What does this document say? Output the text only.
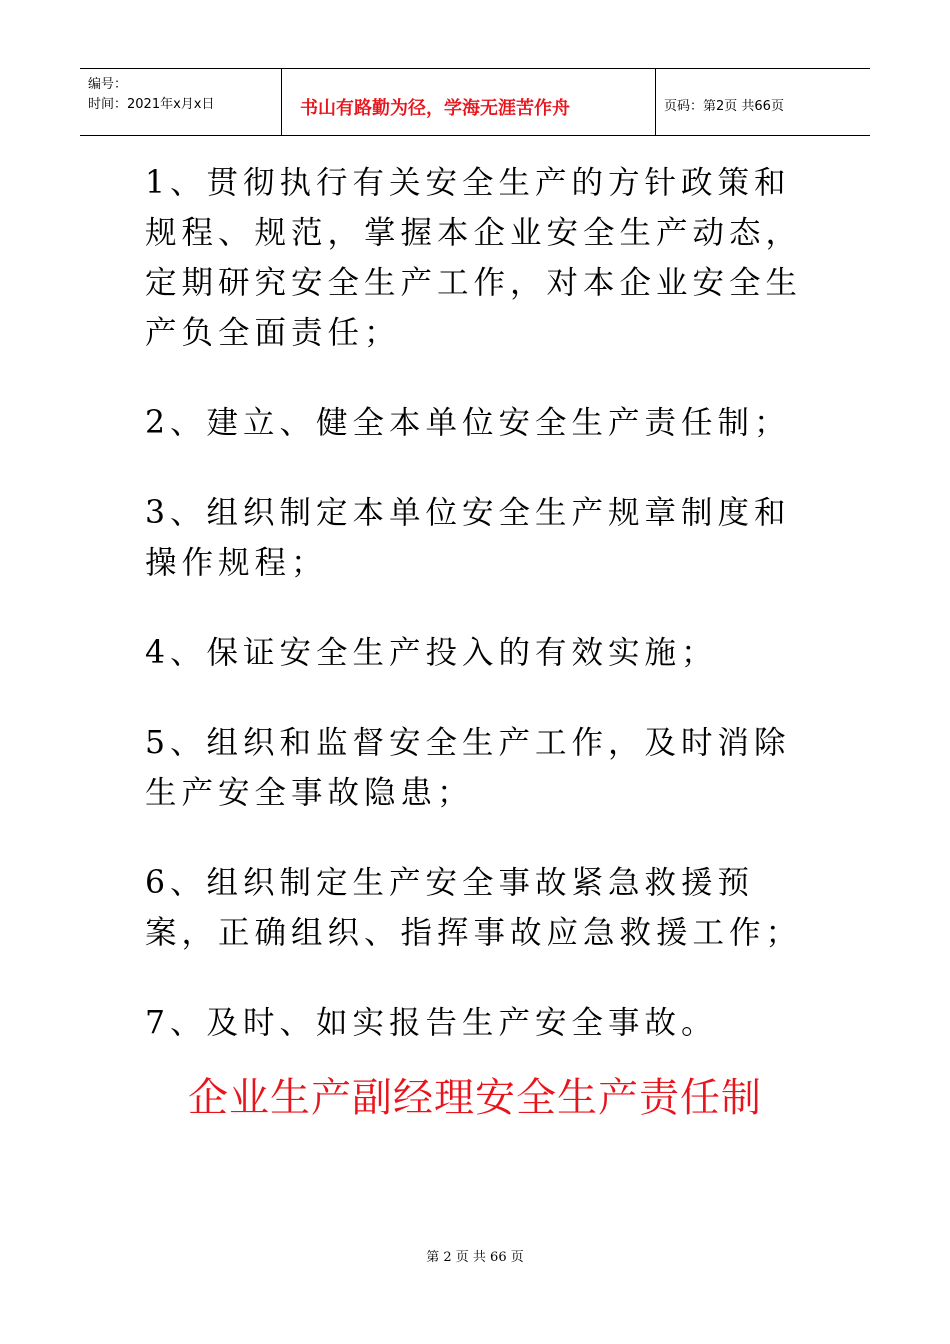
编号：
时间：2021年x月x日	书山有路勤为径，学海无涯苦作舟	页码：第2页 共66页

1、贯彻执行有关安全生产的方针政策和规程、规范，掌握本企业安全生产动态，定期研究安全生产工作，对本企业安全生产负全面责任；

2、建立、健全本单位安全生产责任制；

3、组织制定本单位安全生产规章制度和操作规程；

4、保证安全生产投入的有效实施；

5、组织和监督安全生产工作，及时消除生产安全事故隐患；

6、组织制定生产安全事故紧急救援预案，正确组织、指挥事故应急救援工作；

7、及时、如实报告生产安全事故。

企业生产副经理安全生产责任制
第 2 页 共 66 页
